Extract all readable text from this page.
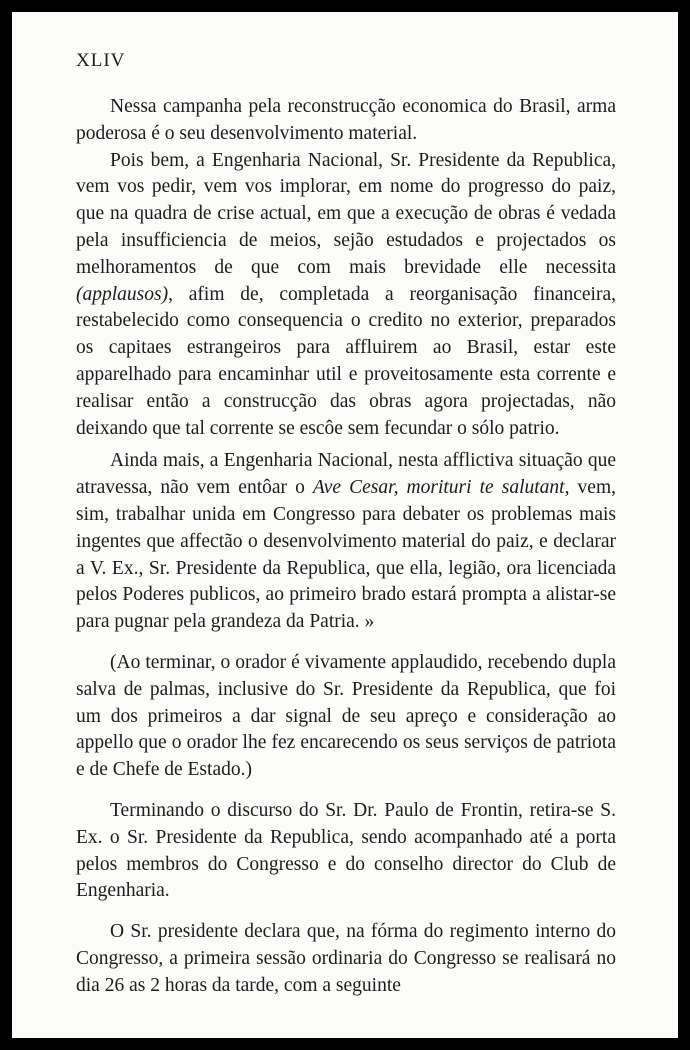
XLIV

Nessa campanha pela reconstrucção economica do Brasil, arma poderosa é o seu desenvolvimento material.

Pois bem, a Engenharia Nacional, Sr. Presidente da Republica, vem vos pedir, vem vos implorar, em nome do progresso do paiz, que na quadra de crise actual, em que a execução de obras é vedada pela insufficiencia de meios, sejão estudados e projectados os melhoramentos de que com mais brevidade elle necessita (applausos), afim de, completada a reorganisação financeira, restabelecido como consequencia o credito no exterior, preparados os capitaes estrangeiros para affluirem ao Brasil, estar este apparelhado para encaminhar util e proveitosamente esta corrente e realisar então a construcção das obras agora projectadas, não deixando que tal corrente se escôe sem fecundar o sólo patrio.

Ainda mais, a Engenharia Nacional, nesta afflictiva situação que atravessa, não vem entôar o Ave Cesar, morituri te salutant, vem, sim, trabalhar unida em Congresso para debater os problemas mais ingentes que affectão o desenvolvimento material do paiz, e declarar a V. Ex., Sr. Presidente da Republica, que ella, legião, ora licenciada pelos Poderes publicos, ao primeiro brado estará prompta a alistar-se para pugnar pela grandeza da Patria. »

(Ao terminar, o orador é vivamente applaudido, recebendo dupla salva de palmas, inclusive do Sr. Presidente da Republica, que foi um dos primeiros a dar signal de seu apreço e consideração ao appello que o orador lhe fez encarecendo os seus serviços de patriota e de Chefe de Estado.)

Terminando o discurso do Sr. Dr. Paulo de Frontin, retira-se S. Ex. o Sr. Presidente da Republica, sendo acompanhado até a porta pelos membros do Congresso e do conselho director do Club de Engenharia.

O Sr. presidente declara que, na fórma do regimento interno do Congresso, a primeira sessão ordinaria do Congresso se realisará no dia 26 as 2 horas da tarde, com a seguinte
